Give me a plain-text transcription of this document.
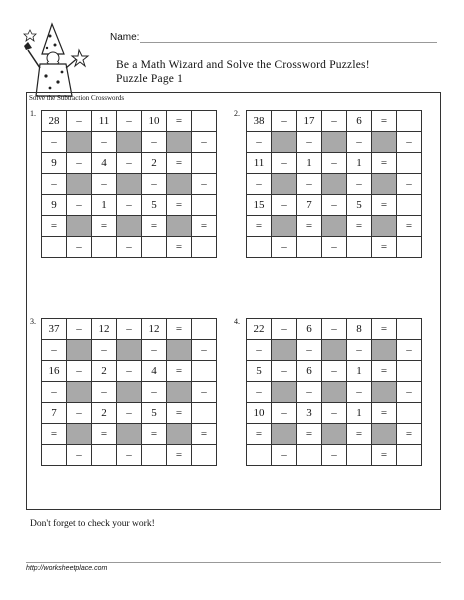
Name:
Be a Math Wizard and Solve the Crossword Puzzles!
Puzzle Page 1
Solve the Subtraction Crosswords
1.
28	–	11	–	10	=	
–		–		–		–
9	–	4	–	2	=	
–		–		–		–
9	–	1	–	5	=	
=		=		=		=
	–		–		=	
2.
38	–	17	–	6	=	
–		–		–		–
11	–	1	–	1	=	
–		–		–		–
15	–	7	–	5	=	
=		=		=		=
	–		–		=	
3.
37	–	12	–	12	=	
–		–		–		–
16	–	2	–	4	=	
–		–		–		–
7	–	2	–	5	=	
=		=		=		=
	–		–		=	
4.
22	–	6	–	8	=	
–		–		–		–
5	–	6	–	1	=	
–		–		–		–
10	–	3	–	1	=	
=		=		=		=
	–		–		=	
Don't forget to check your work!
http://worksheetplace.com
